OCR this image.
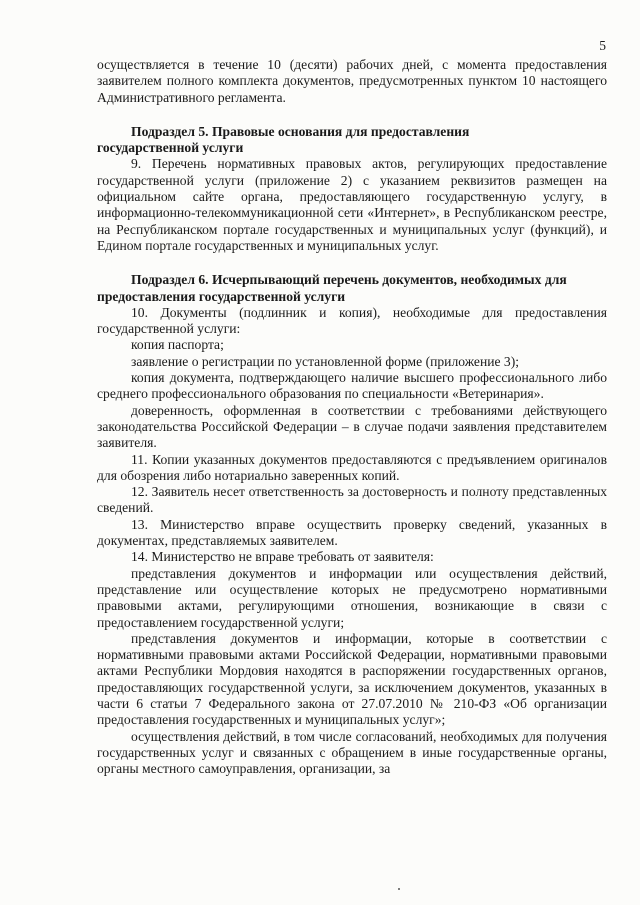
5

осуществляется в течение 10 (десяти) рабочих дней, с момента предоставления заявителем полного комплекта документов, предусмотренных пунктом 10 настоящего Административного регламента.

Подраздел 5. Правовые основания для предоставления

государственной услуги

9. Перечень нормативных правовых актов, регулирующих предоставление государственной услуги (приложение 2) с указанием реквизитов размещен на официальном сайте органа, предоставляющего государственную услугу, в информационно-телекоммуникационной сети «Интернет», в Республиканском реестре, на Республиканском портале государственных и муниципальных услуг (функций), и Едином портале государственных и муниципальных услуг.

Подраздел 6. Исчерпывающий перечень документов, необходимых для

предоставления государственной услуги

10. Документы (подлинник и копия), необходимые для предоставления государственной услуги:

копия паспорта;

заявление о регистрации по установленной форме (приложение 3);

копия документа, подтверждающего наличие высшего профессионального либо среднего профессионального образования по специальности «Ветеринария».

доверенность, оформленная в соответствии с требованиями действующего законодательства Российской Федерации – в случае подачи заявления представителем заявителя.

11. Копии указанных документов предоставляются с предъявлением оригиналов для обозрения либо нотариально заверенных копий.

12. Заявитель несет ответственность за достоверность и полноту представленных сведений.

13. Министерство вправе осуществить проверку сведений, указанных в документах, представляемых заявителем.

14. Министерство не вправе требовать от заявителя:

представления документов и информации или осуществления действий, представление или осуществление которых не предусмотрено нормативными правовыми актами, регулирующими отношения, возникающие в связи с предоставлением государственной услуги;

представления документов и информации, которые в соответствии с нормативными правовыми актами Российской Федерации, нормативными правовыми актами Республики Мордовия находятся в распоряжении государственных органов, предоставляющих государственной услуги, за исключением документов, указанных в части 6 статьи 7 Федерального закона от 27.07.2010 № 210-ФЗ «Об организации предоставления государственных и муниципальных услуг»;

осуществления действий, в том числе согласований, необходимых для получения государственных услуг и связанных с обращением в иные государственные органы, органы местного самоуправления, организации, за
